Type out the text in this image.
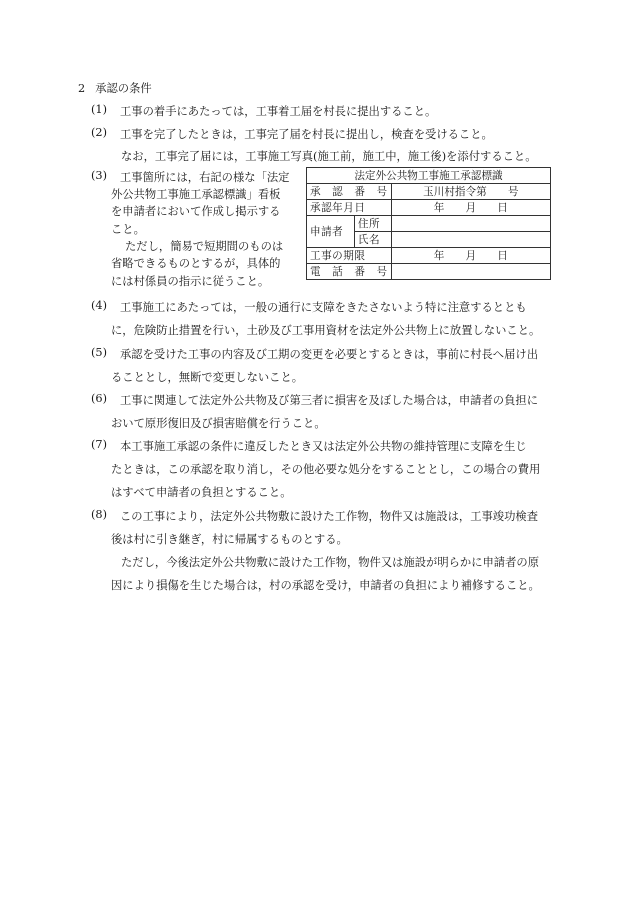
2 承認の条件
(1) 工事の着手にあたっては，工事着工届を村長に提出すること。
(2) 工事を完了したときは，工事完了届を村長に提出し，検査を受けること。
なお，工事完了届には，工事施工写真(施工前，施工中，施工後)を添付すること。
(3) 工事箇所には，右記の様な「法定
外公共物工事施工承認標識」看板
を申請者において作成し掲示する
こと。
ただし，簡易で短期間のものは
省略できるものとするが，具体的
には村係員の指示に従うこと。
法定外公共物工事施工承認標識		
承　認　番　号		玉川村指令第　　号
承認年月日		年　　月　　日
申請者	住所	
	氏名	
工事の期限		年　　月　　日
電　話　番　号		
(4) 工事施工にあたっては，一般の通行に支障をきたさないよう特に注意するととも
に，危険防止措置を行い，土砂及び工事用資材を法定外公共物上に放置しないこと。
(5) 承認を受けた工事の内容及び工期の変更を必要とするときは，事前に村長へ届け出
ることとし，無断で変更しないこと。
(6) 工事に関連して法定外公共物及び第三者に損害を及ぼした場合は，申請者の負担に
おいて原形復旧及び損害賠償を行うこと。
(7) 本工事施工承認の条件に違反したとき又は法定外公共物の維持管理に支障を生じ
たときは，この承認を取り消し，その他必要な処分をすることとし，この場合の費用
はすべて申請者の負担とすること。
(8) この工事により，法定外公共物敷に設けた工作物，物件又は施設は，工事竣功検査
後は村に引き継ぎ，村に帰属するものとする。
ただし，今後法定外公共物敷に設けた工作物，物件又は施設が明らかに申請者の原
因により損傷を生じた場合は，村の承認を受け，申請者の負担により補修すること。
